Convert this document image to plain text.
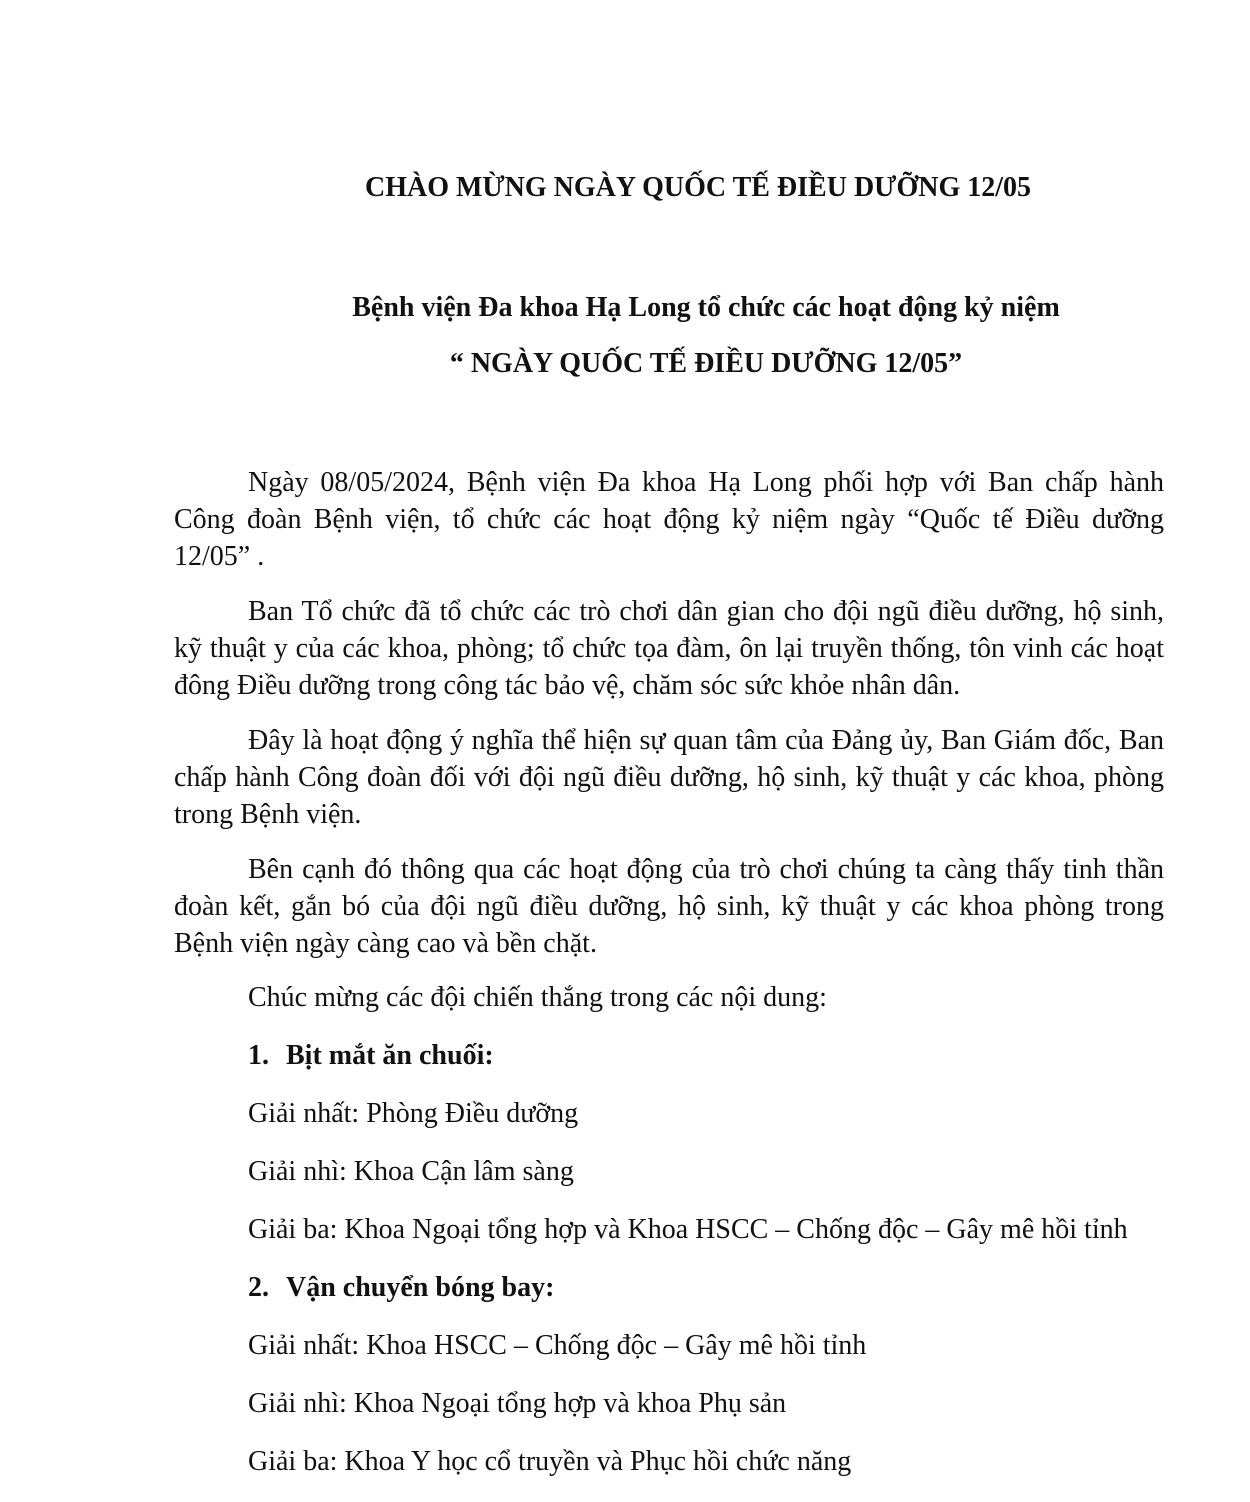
CHÀO MỪNG NGÀY QUỐC TẾ ĐIỀU DƯỠNG 12/05
Bệnh viện Đa khoa Hạ Long tổ chức các hoạt động kỷ niệm
“ NGÀY QUỐC TẾ ĐIỀU DƯỠNG 12/05”

Ngày 08/05/2024, Bệnh viện Đa khoa Hạ Long phối hợp với Ban chấp hành Công đoàn Bệnh viện, tổ chức các hoạt động kỷ niệm ngày “Quốc tế Điều dưỡng 12/05” .

Ban Tổ chức đã tổ chức các trò chơi dân gian cho đội ngũ điều dưỡng, hộ sinh, kỹ thuật y của các khoa, phòng; tổ chức tọa đàm, ôn lại truyền thống, tôn vinh các hoạt đông Điều dưỡng trong công tác bảo vệ, chăm sóc sức khỏe nhân dân.

Đây là hoạt động ý nghĩa thể hiện sự quan tâm của Đảng ủy, Ban Giám đốc, Ban chấp hành Công đoàn đối với đội ngũ điều dưỡng, hộ sinh, kỹ thuật y các khoa, phòng trong Bệnh viện.

Bên cạnh đó thông qua các hoạt động của trò chơi chúng ta càng thấy tinh thần đoàn kết, gắn bó của đội ngũ điều dưỡng, hộ sinh, kỹ thuật y các khoa phòng trong Bệnh viện ngày càng cao và bền chặt.

Chúc mừng các đội chiến thắng trong các nội dung:

1. Bịt mắt ăn chuối:

Giải nhất: Phòng Điều dưỡng

Giải nhì: Khoa Cận lâm sàng

Giải ba: Khoa Ngoại tổng hợp và Khoa HSCC – Chống độc – Gây mê hồi tỉnh

2. Vận chuyển bóng bay:

Giải nhất: Khoa HSCC – Chống độc – Gây mê hồi tỉnh

Giải nhì: Khoa Ngoại tổng hợp và khoa Phụ sản

Giải ba: Khoa Y học cổ truyền và Phục hồi chức năng
